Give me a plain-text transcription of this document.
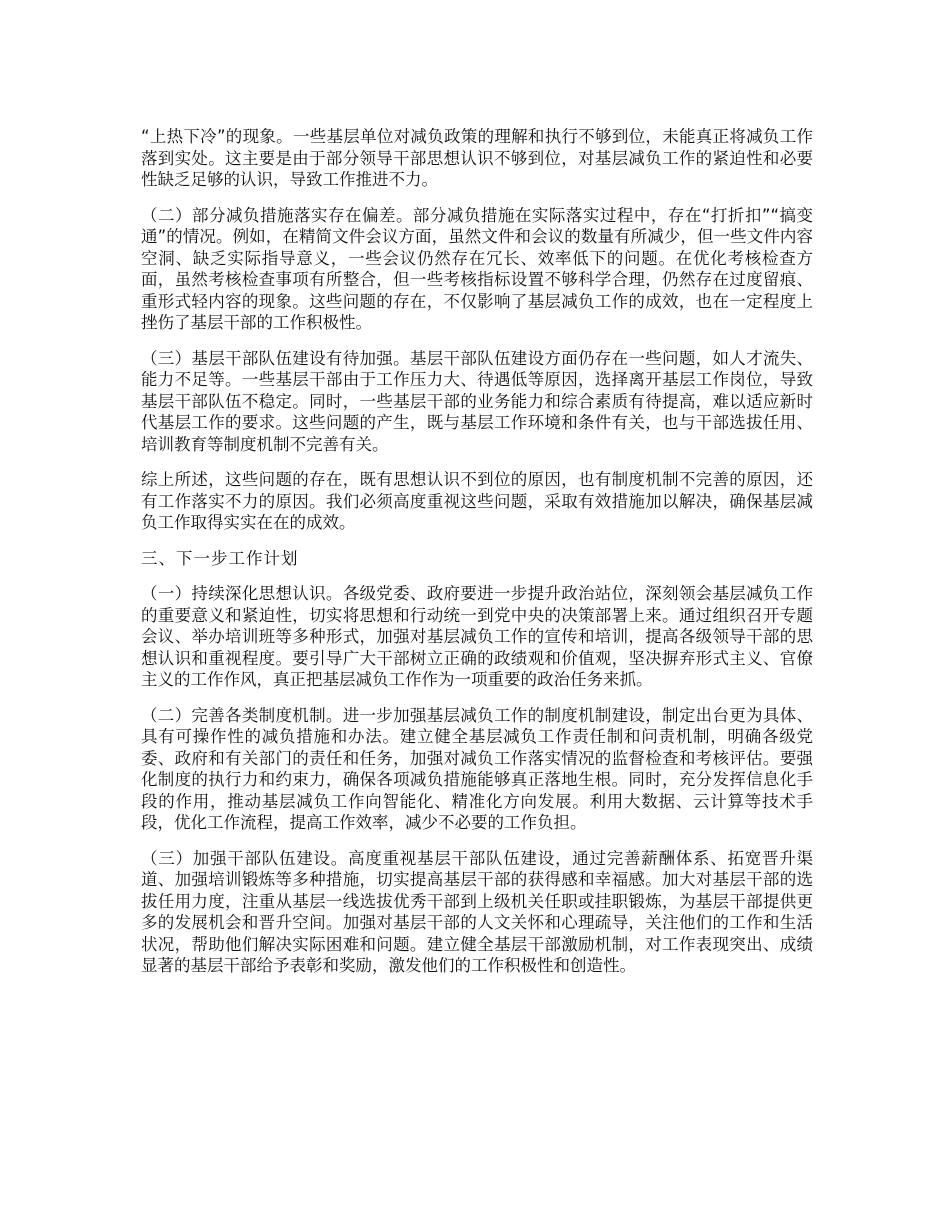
“上热下冷”的现象。一些基层单位对减负政策的理解和执行不够到位，未能真正将减负工作落到实处。这主要是由于部分领导干部思想认识不够到位，对基层减负工作的紧迫性和必要性缺乏足够的认识，导致工作推进不力。

（二）部分减负措施落实存在偏差。部分减负措施在实际落实过程中，存在“打折扣”“搞变通”的情况。例如，在精简文件会议方面，虽然文件和会议的数量有所减少，但一些文件内容空洞、缺乏实际指导意义，一些会议仍然存在冗长、效率低下的问题。在优化考核检查方面，虽然考核检查事项有所整合，但一些考核指标设置不够科学合理，仍然存在过度留痕、重形式轻内容的现象。这些问题的存在，不仅影响了基层减负工作的成效，也在一定程度上挫伤了基层干部的工作积极性。

（三）基层干部队伍建设有待加强。基层干部队伍建设方面仍存在一些问题，如人才流失、能力不足等。一些基层干部由于工作压力大、待遇低等原因，选择离开基层工作岗位，导致基层干部队伍不稳定。同时，一些基层干部的业务能力和综合素质有待提高，难以适应新时代基层工作的要求。这些问题的产生，既与基层工作环境和条件有关，也与干部选拔任用、培训教育等制度机制不完善有关。

综上所述，这些问题的存在，既有思想认识不到位的原因，也有制度机制不完善的原因，还有工作落实不力的原因。我们必须高度重视这些问题，采取有效措施加以解决，确保基层减负工作取得实实在在的成效。

三、下一步工作计划

（一）持续深化思想认识。各级党委、政府要进一步提升政治站位，深刻领会基层减负工作的重要意义和紧迫性，切实将思想和行动统一到党中央的决策部署上来。通过组织召开专题会议、举办培训班等多种形式，加强对基层减负工作的宣传和培训，提高各级领导干部的思想认识和重视程度。要引导广大干部树立正确的政绩观和价值观，坚决摒弃形式主义、官僚主义的工作作风，真正把基层减负工作作为一项重要的政治任务来抓。

（二）完善各类制度机制。进一步加强基层减负工作的制度机制建设，制定出台更为具体、具有可操作性的减负措施和办法。建立健全基层减负工作责任制和问责机制，明确各级党委、政府和有关部门的责任和任务，加强对减负工作落实情况的监督检查和考核评估。要强化制度的执行力和约束力，确保各项减负措施能够真正落地生根。同时，充分发挥信息化手段的作用，推动基层减负工作向智能化、精准化方向发展。利用大数据、云计算等技术手段，优化工作流程，提高工作效率，减少不必要的工作负担。

（三）加强干部队伍建设。高度重视基层干部队伍建设，通过完善薪酬体系、拓宽晋升渠道、加强培训锻炼等多种措施，切实提高基层干部的获得感和幸福感。加大对基层干部的选拔任用力度，注重从基层一线选拔优秀干部到上级机关任职或挂职锻炼，为基层干部提供更多的发展机会和晋升空间。加强对基层干部的人文关怀和心理疏导，关注他们的工作和生活状况，帮助他们解决实际困难和问题。建立健全基层干部激励机制，对工作表现突出、成绩显著的基层干部给予表彰和奖励，激发他们的工作积极性和创造性。
